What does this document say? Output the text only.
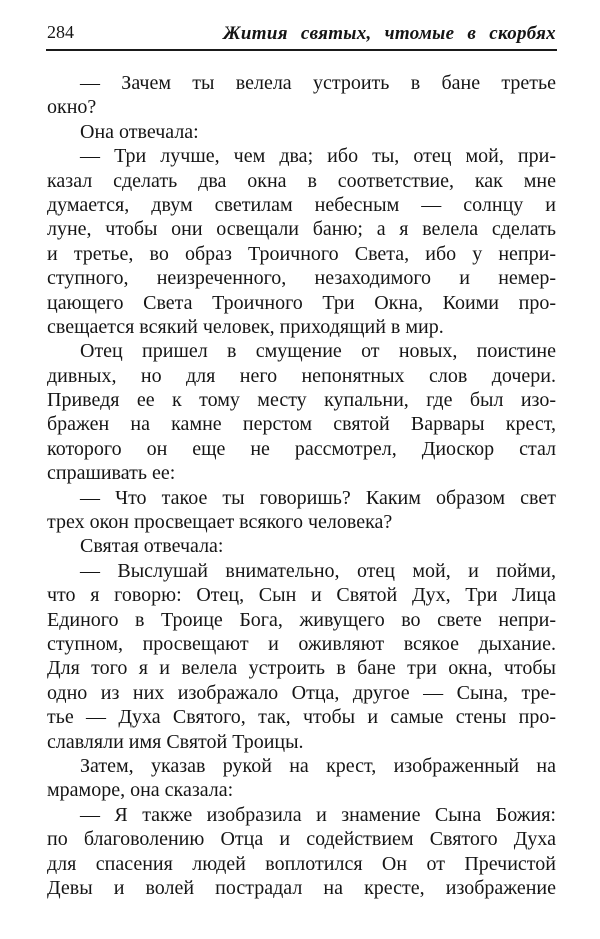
284	Жития святых, чтомые в скорбях
— Зачем ты велела устроить в бане третье
окно?
Она отвечала:
— Три лучше, чем два; ибо ты, отец мой, при-
казал сделать два окна в соответствие, как мне
думается, двум светилам небесным — солнцу и
луне, чтобы они освещали баню; а я велела сделать
и третье, во образ Троичного Света, ибо у непри-
ступного, неизреченного, незаходимого и немер-
цающего Света Троичного Три Окна, Коими про-
свещается всякий человек, приходящий в мир.
Отец пришел в смущение от новых, поистине
дивных, но для него непонятных слов дочери.
Приведя ее к тому месту купальни, где был изо-
бражен на камне перстом святой Варвары крест,
которого он еще не рассмотрел, Диоскор стал
спрашивать ее:
— Что такое ты говоришь? Каким образом свет
трех окон просвещает всякого человека?
Святая отвечала:
— Выслушай внимательно, отец мой, и пойми,
что я говорю: Отец, Сын и Святой Дух, Три Лица
Единого в Троице Бога, живущего во свете непри-
ступном, просвещают и оживляют всякое дыхание.
Для того я и велела устроить в бане три окна, чтобы
одно из них изображало Отца, другое — Сына, тре-
тье — Духа Святого, так, чтобы и самые стены про-
славляли имя Святой Троицы.
Затем, указав рукой на крест, изображенный на
мраморе, она сказала:
— Я также изобразила и знамение Сына Божия:
по благоволению Отца и содействием Святого Духа
для спасения людей воплотился Он от Пречистой
Девы и волей пострадал на кресте, изображение
